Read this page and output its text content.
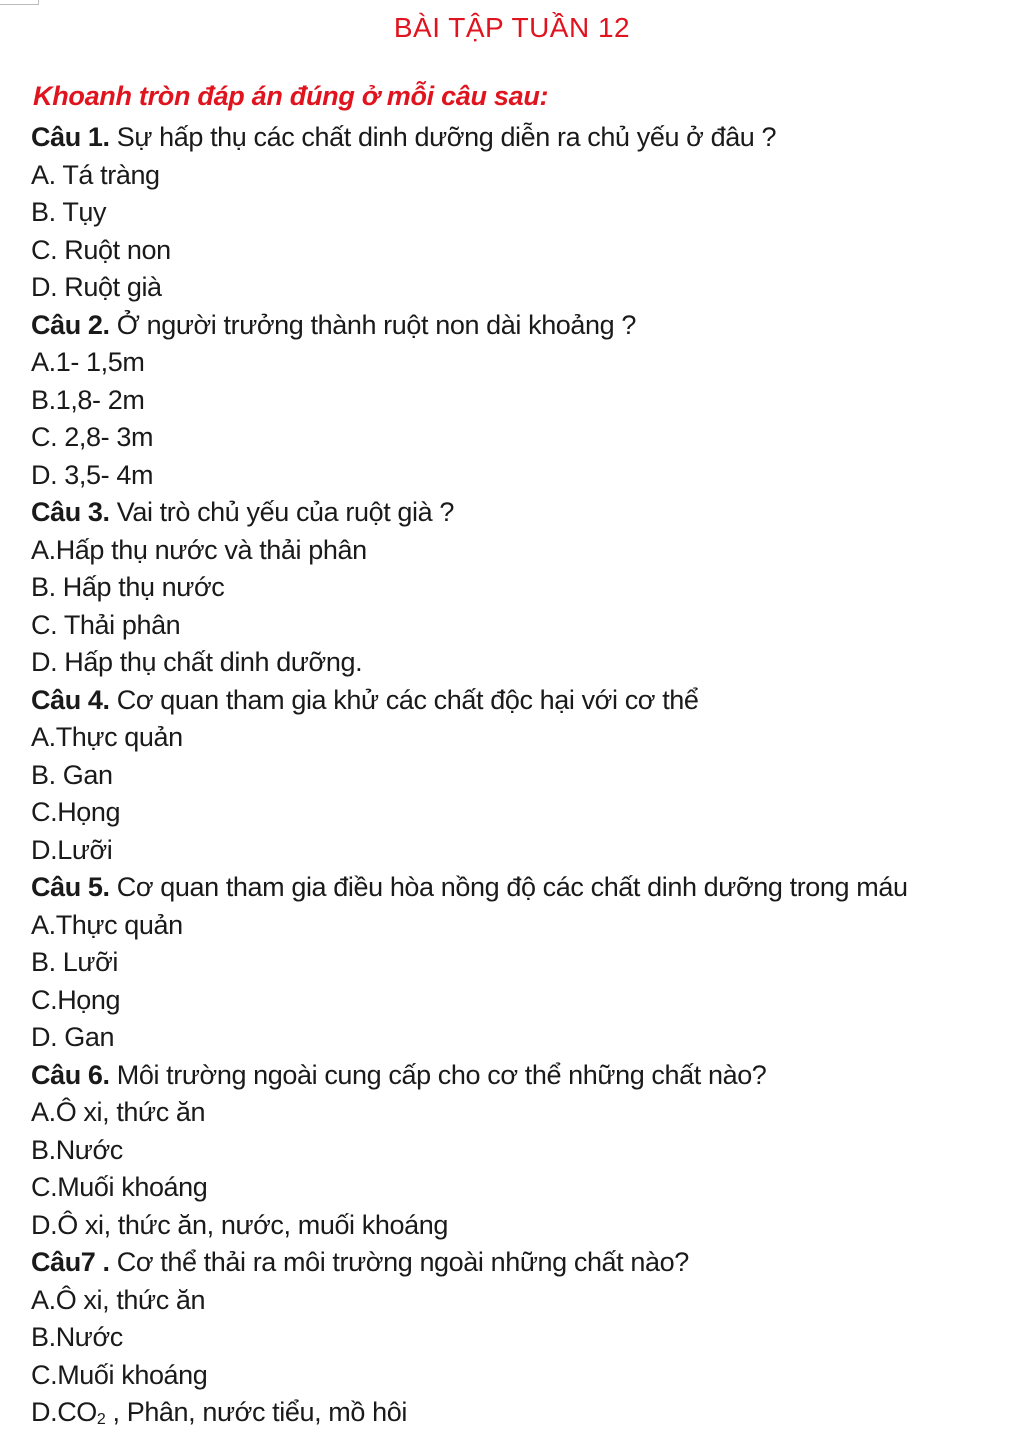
BÀI TẬP TUẦN 12
Khoanh tròn đáp án đúng ở mỗi câu sau:
Câu 1. Sự hấp thụ các chất dinh dưỡng diễn ra chủ yếu ở đâu ?
A. Tá tràng
B. Tụy
C. Ruột non
D. Ruột già
Câu 2. Ở người trưởng thành ruột non dài khoảng ?
A.1- 1,5m
B.1,8- 2m
C. 2,8- 3m
D. 3,5- 4m
Câu 3. Vai trò chủ yếu của ruột già ?
A.Hấp thụ nước và thải phân
B. Hấp thụ nước
C. Thải phân
D. Hấp thụ chất dinh dưỡng.
Câu 4. Cơ quan tham gia khử các chất độc hại với cơ thể
A.Thực quản
B. Gan
C.Họng
D.Lưỡi
Câu 5. Cơ quan tham gia điều hòa nồng độ các chất dinh dưỡng trong máu
A.Thực quản
B. Lưỡi
C.Họng
D. Gan
Câu 6. Môi trường ngoài cung cấp cho cơ thể những chất nào?
A.Ô xi, thức ăn
B.Nước
C.Muối khoáng
D.Ô xi, thức ăn, nước, muối khoáng
Câu7 . Cơ thể thải ra môi trường ngoài những chất nào?
A.Ô xi, thức ăn
B.Nước
C.Muối khoáng
$D.CO_2$ , Phân, nước tiểu, mồ hôi
